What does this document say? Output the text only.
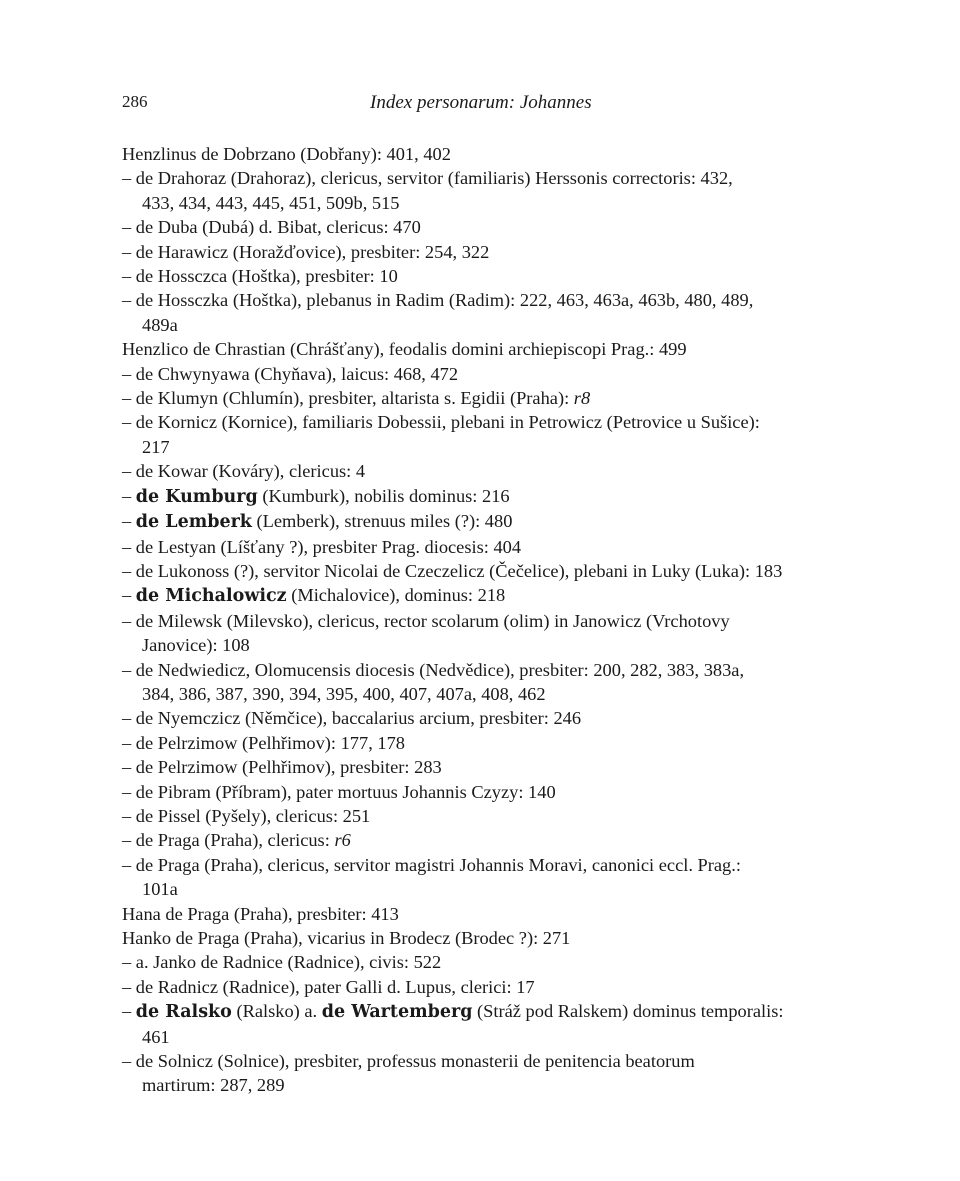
286	Index personarum: Johannes

Henzlinus de Dobrzano (Dobřany): 401, 402

– de Drahoraz (Drahoraz), clericus, servitor (familiaris) Herssonis correctoris: 432,
433, 434, 443, 445, 451, 509b, 515

– de Duba (Dubá) d. Bibat, clericus: 470

– de Harawicz (Horažďovice), presbiter: 254, 322

– de Hossczca (Hoštka), presbiter: 10

– de Hossczka (Hoštka), plebanus in Radim (Radim): 222, 463, 463a, 463b, 480, 489,
489a

Henzlico de Chrastian (Chrášťany), feodalis domini archiepiscopi Prag.: 499

– de Chwynyawa (Chyňava), laicus: 468, 472

– de Klumyn (Chlumín), presbiter, altarista s. Egidii (Praha): r8

– de Kornicz (Kornice), familiaris Dobessii, plebani in Petrowicz (Petrovice u Sušice):
217

– de Kowar (Kováry), clericus: 4

– de Kumburg (Kumburk), nobilis dominus: 216

– de Lemberk (Lemberk), strenuus miles (?): 480

– de Lestyan (Líšťany ?), presbiter Prag. diocesis: 404

– de Lukonoss (?), servitor Nicolai de Czeczelicz (Čečelice), plebani in Luky (Luka): 183

– de Michalowicz (Michalovice), dominus: 218

– de Milewsk (Milevsko), clericus, rector scolarum (olim) in Janowicz (Vrchotovy
Janovice): 108

– de Nedwiedicz, Olomucensis diocesis (Nedvědice), presbiter: 200, 282, 383, 383a,
384, 386, 387, 390, 394, 395, 400, 407, 407a, 408, 462

– de Nyemczicz (Němčice), baccalarius arcium, presbiter: 246

– de Pelrzimow (Pelhřimov): 177, 178

– de Pelrzimow (Pelhřimov), presbiter: 283

– de Pibram (Příbram), pater mortuus Johannis Czyzy: 140

– de Pissel (Pyšely), clericus: 251

– de Praga (Praha), clericus: r6

– de Praga (Praha), clericus, servitor magistri Johannis Moravi, canonici eccl. Prag.:
101a

Hana de Praga (Praha), presbiter: 413

Hanko de Praga (Praha), vicarius in Brodecz (Brodec ?): 271

– a. Janko de Radnice (Radnice), civis: 522

– de Radnicz (Radnice), pater Galli d. Lupus, clerici: 17

– de Ralsko (Ralsko) a. de Wartemberg (Stráž pod Ralskem) dominus temporalis:
461

– de Solnicz (Solnice), presbiter, professus monasterii de penitencia beatorum
martirum: 287, 289
